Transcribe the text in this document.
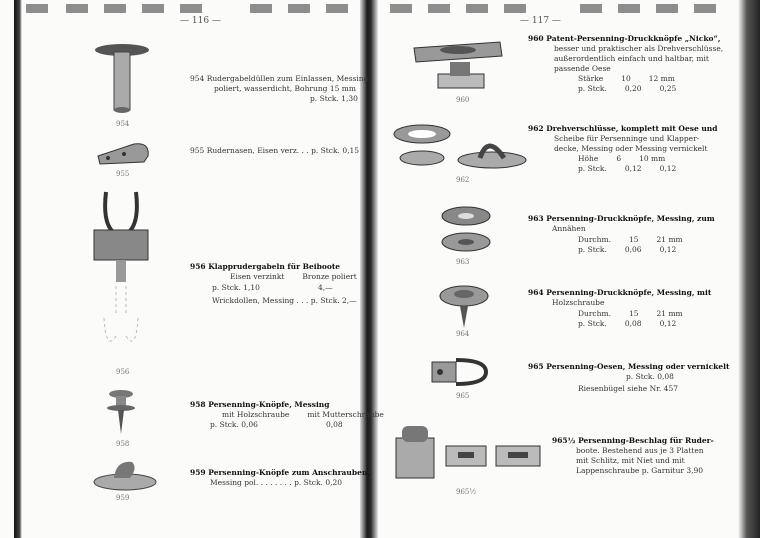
— 116 —	— 117 —
954
954 Rudergabeldüllen zum Einlassen, Messing
poliert, wasserdicht, Bohrung 15 mm
p. Stck. 1,30
955
955 Rudernasen, Eisen verz. . . p. Stck. 0,15
956
956 Klapprudergabeln für Beiboote
Eisen verzinkt Bronze poliert
p. Stck. 1,10	4,—
Wrickdollen, Messing . . . p. Stck. 2,—
958
958 Persenning-Knöpfe, Messing
mit Holzschraube mit Mutterschraube
p. Stck. 0,06	0,08
959
959 Persenning-Knöpfe zum Anschrauben,
Messing pol. . . . . . . . p. Stck. 0,20
960
960 Patent-Persenning-Druckknöpfe „Nicko“,
besser und praktischer als Drehverschlüsse,
außerordentlich einfach und haltbar, mit
passende Oese
Stärke 10 12 mm
p. Stck. 0,20 0,25
962
962 Drehverschlüsse, komplett mit Oese und
Scheibe für Persenninge und Klapper-
decke, Messing oder Messing vernickelt
Höhe 6 10 mm
p. Stck. 0,12 0,12
963
963 Persenning-Druckknöpfe, Messing, zum
Annähen
Durchm. 15 21 mm
p. Stck. 0,06 0,12
964
964 Persenning-Druckknöpfe, Messing, mit
Holzschraube
Durchm. 15 21 mm
p. Stck. 0,08 0,12
965
965 Persenning-Oesen, Messing oder vernickelt
p. Stck. 0,08
Riesenbügel siehe Nr. 457
965½
965½ Persenning-Beschlag für Ruder-
boote. Bestehend aus je 3 Platten
mit Schlitz, mit Niet und mit
Lappenschraube p. Garnitur 3,90
